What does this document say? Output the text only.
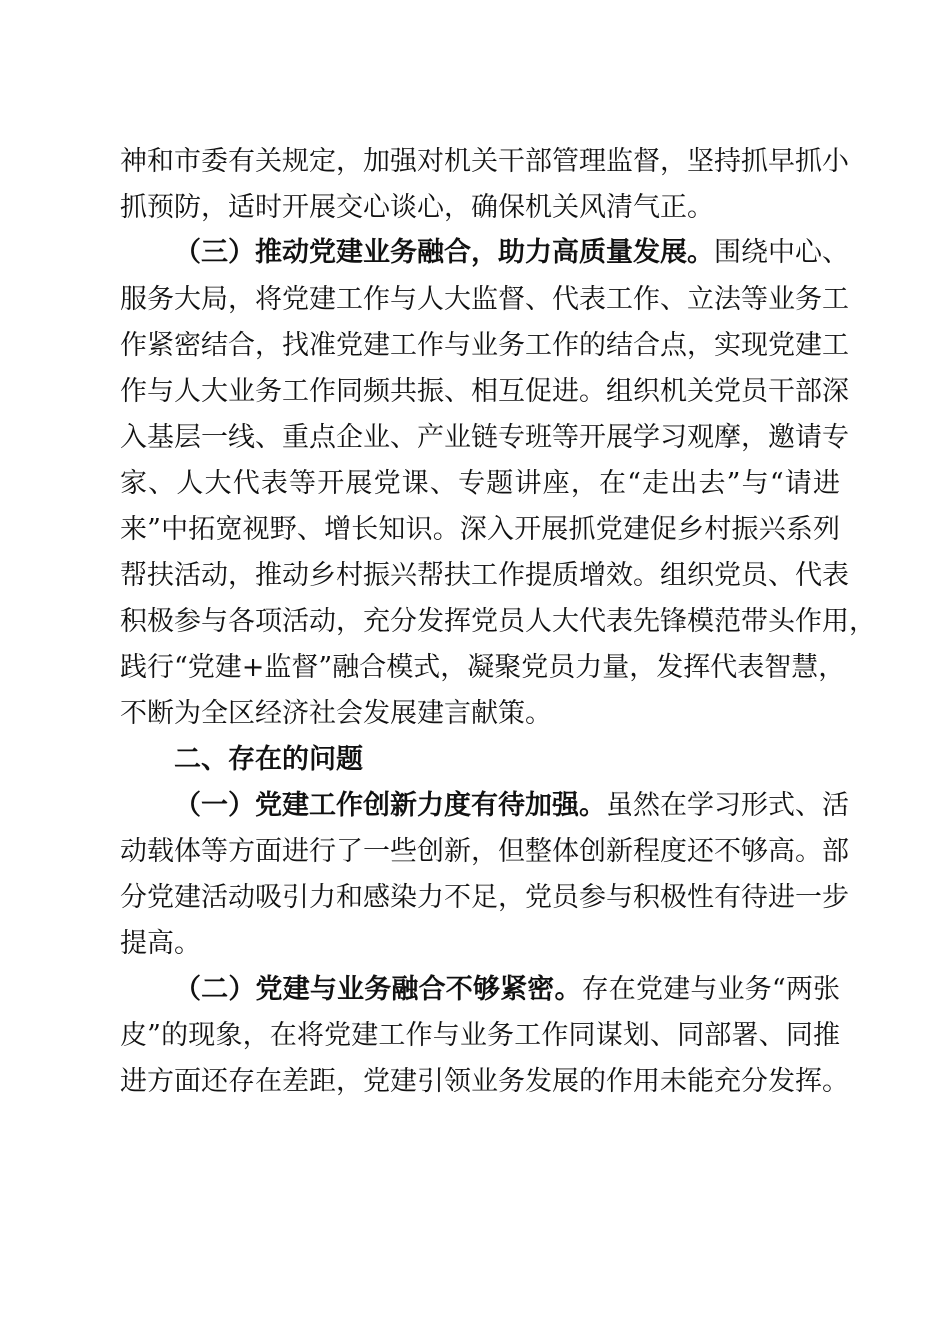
神和市委有关规定，加强对机关干部管理监督，坚持抓早抓小
抓预防，适时开展交心谈心，确保机关风清气正。
（三）推动党建业务融合，助力高质量发展。围绕中心、
服务大局，将党建工作与人大监督、代表工作、立法等业务工
作紧密结合，找准党建工作与业务工作的结合点，实现党建工
作与人大业务工作同频共振、相互促进。组织机关党员干部深
入基层一线、重点企业、产业链专班等开展学习观摩，邀请专
家、人大代表等开展党课、专题讲座，在“走出去”与“请进
来”中拓宽视野、增长知识。深入开展抓党建促乡村振兴系列
帮扶活动，推动乡村振兴帮扶工作提质增效。组织党员、代表
积极参与各项活动，充分发挥党员人大代表先锋模范带头作用，
践行“党建+监督”融合模式，凝聚党员力量，发挥代表智慧，
不断为全区经济社会发展建言献策。
二、存在的问题
（一）党建工作创新力度有待加强。虽然在学习形式、活
动载体等方面进行了一些创新，但整体创新程度还不够高。部
分党建活动吸引力和感染力不足，党员参与积极性有待进一步
提高。
（二）党建与业务融合不够紧密。存在党建与业务“两张
皮”的现象，在将党建工作与业务工作同谋划、同部署、同推
进方面还存在差距，党建引领业务发展的作用未能充分发挥。
